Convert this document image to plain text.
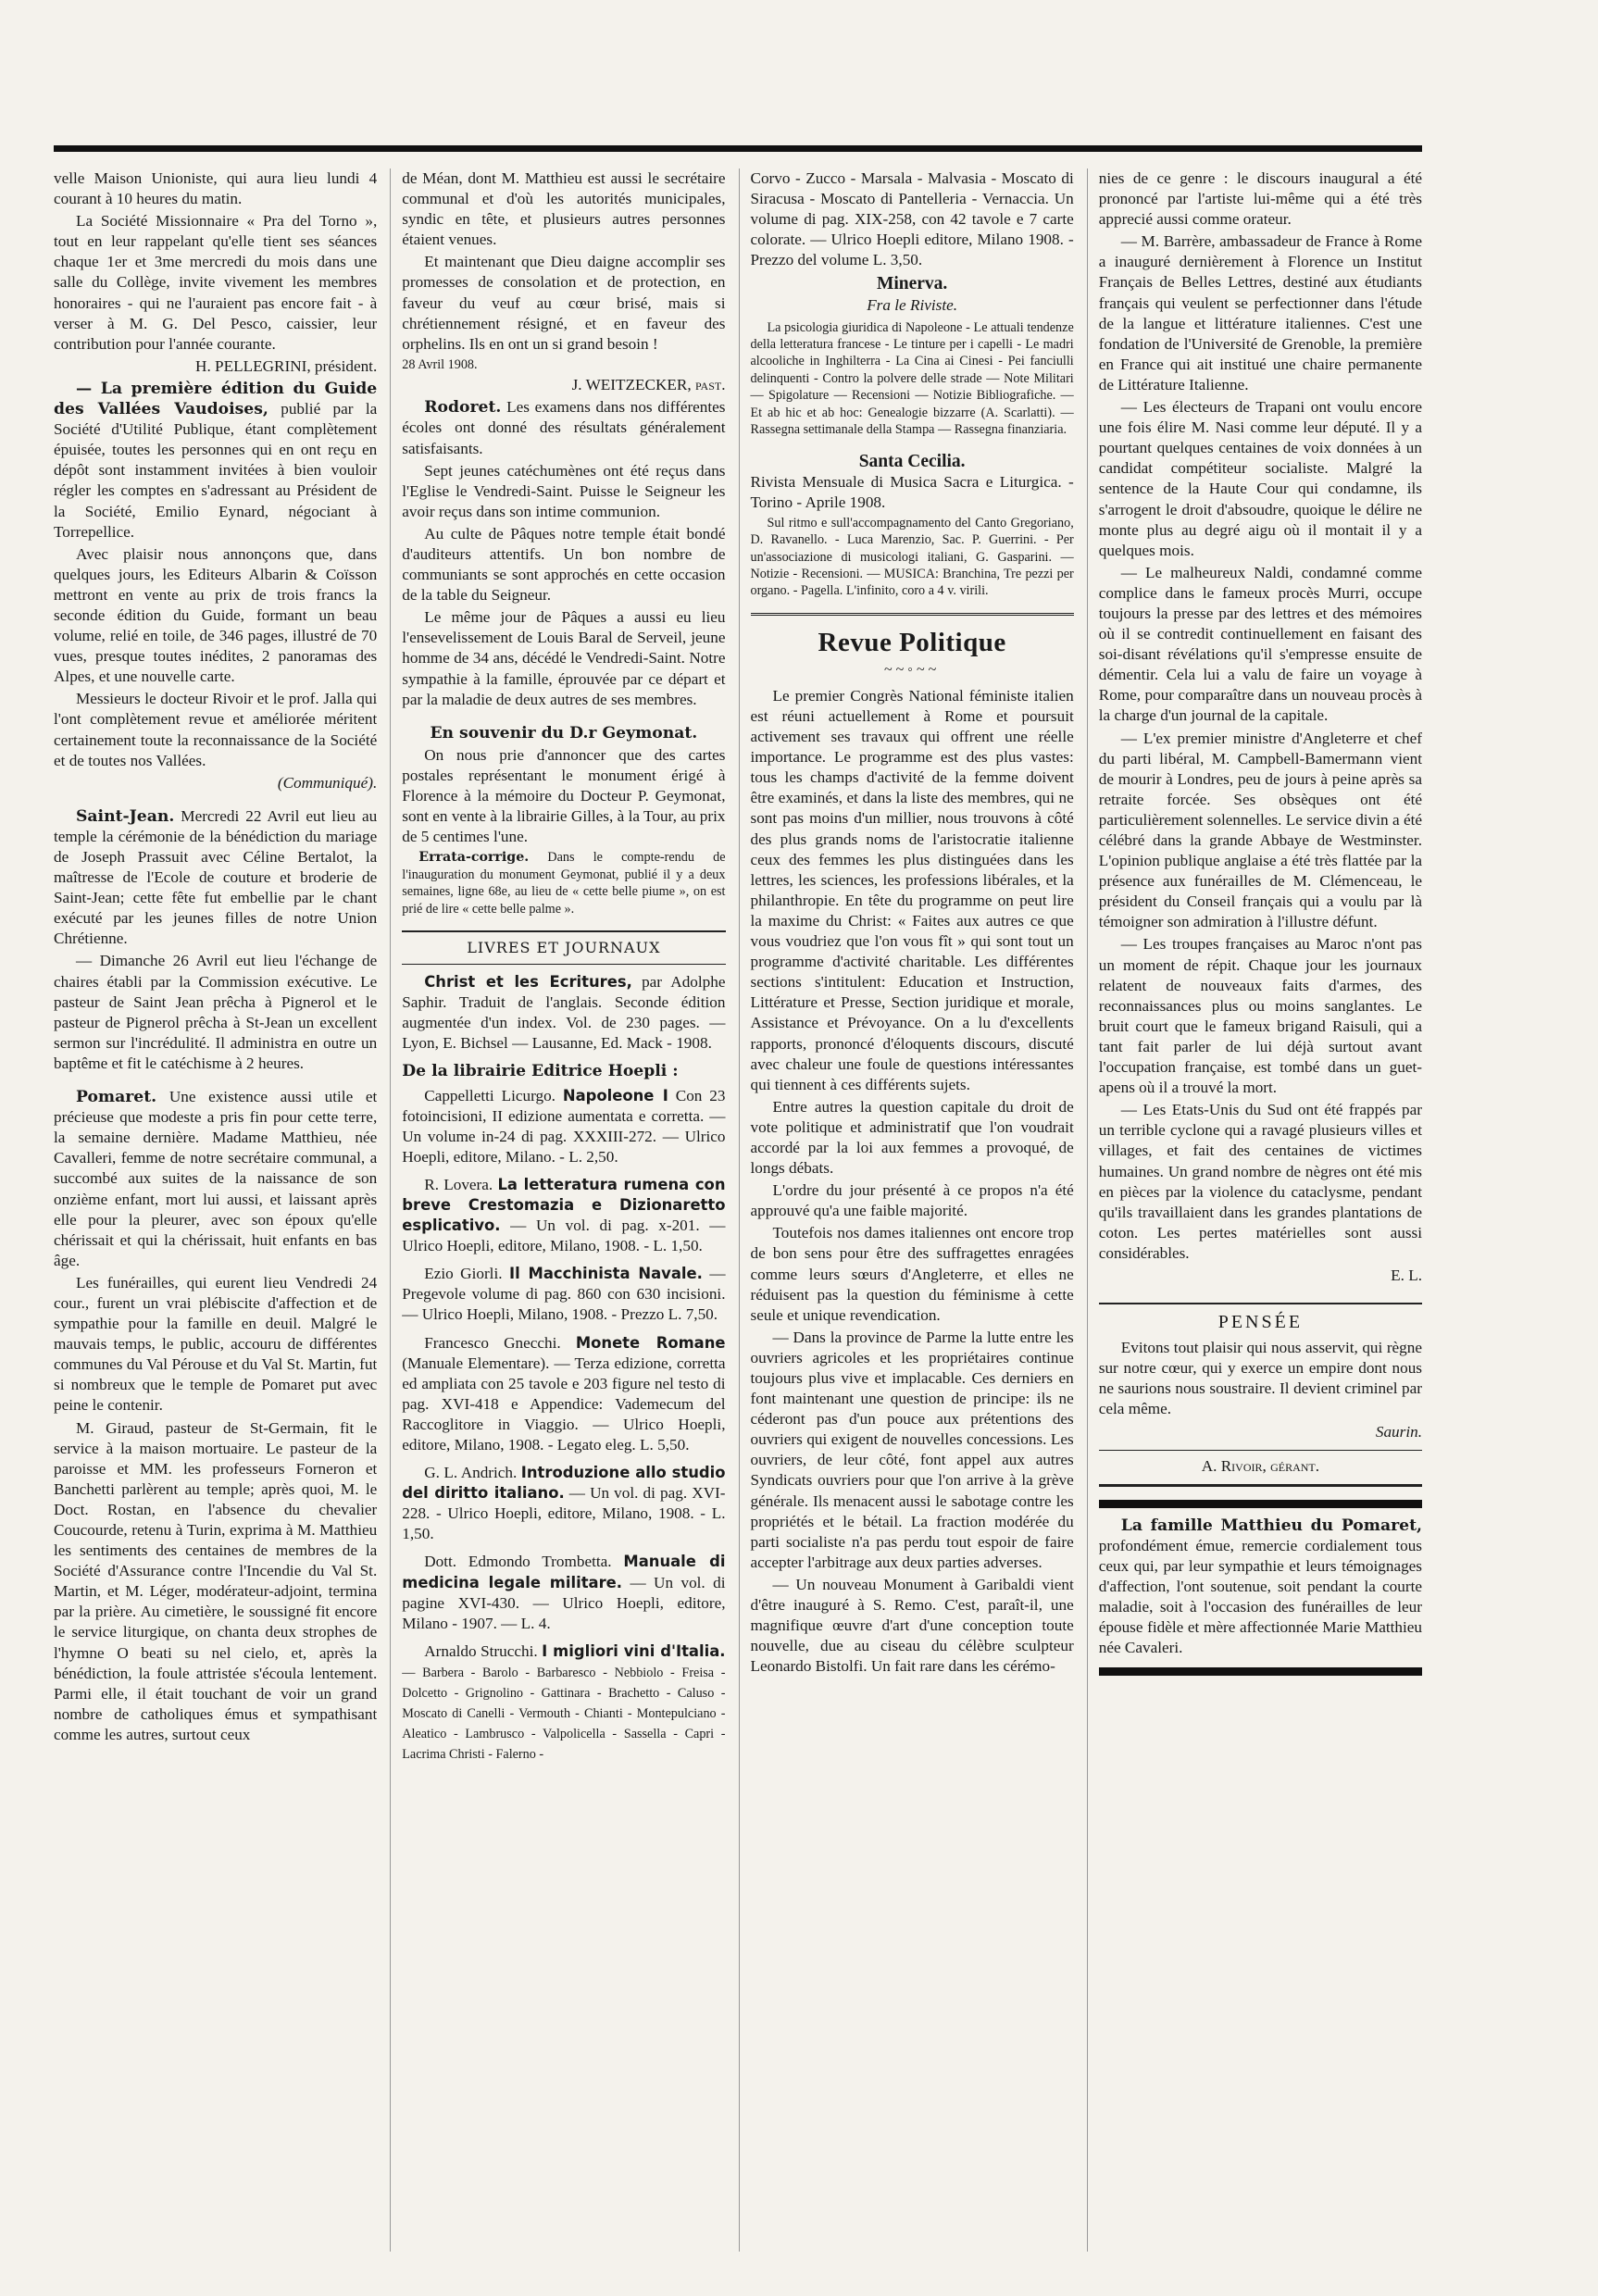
velle Maison Unioniste, qui aura lieu lundi 4 courant à 10 heures du matin.

La Société Missionnaire « Pra del Torno », tout en leur rappelant qu'elle tient ses séances chaque 1er et 3me mercredi du mois dans une salle du Collège, invite vivement les membres honoraires - qui ne l'auraient pas encore fait - à verser à M. G. Del Pesco, caissier, leur contribution pour l'année courante.

H. PELLEGRINI, président.

— La première édition du Guide des Vallées Vaudoises, publié par la Société d'Utilité Publique, étant complètement épuisée, toutes les personnes qui en ont reçu en dépôt sont instamment invitées à bien vouloir régler les comptes en s'adressant au Président de la Société, Emilio Eynard, négociant à Torrepellice.

Avec plaisir nous annonçons que, dans quelques jours, les Editeurs Albarin & Coïsson mettront en vente au prix de trois francs la seconde édition du Guide, formant un beau volume, relié en toile, de 346 pages, illustré de 70 vues, presque toutes inédites, 2 panoramas des Alpes, et une nouvelle carte.

Messieurs le docteur Rivoir et le prof. Jalla qui l'ont complètement revue et améliorée méritent certainement toute la reconnaissance de la Société et de toutes nos Vallées.

(Communiqué).

Saint-Jean. Mercredi 22 Avril eut lieu au temple la cérémonie de la bénédiction du mariage de Joseph Prassuit avec Céline Bertalot, la maîtresse de l'Ecole de couture et broderie de Saint-Jean; cette fête fut embellie par le chant exécuté par les jeunes filles de notre Union Chrétienne.

— Dimanche 26 Avril eut lieu l'échange de chaires établi par la Commission exécutive. Le pasteur de Saint Jean prêcha à Pignerol et le pasteur de Pignerol prêcha à St-Jean un excellent sermon sur l'incrédulité. Il administra en outre un baptême et fit le catéchisme à 2 heures.

Pomaret. Une existence aussi utile et précieuse que modeste a pris fin pour cette terre, la semaine dernière. Madame Matthieu, née Cavalleri, femme de notre secrétaire communal, a succombé aux suites de la naissance de son onzième enfant, mort lui aussi, et laissant après elle pour la pleurer, avec son époux qu'elle chérissait et qui la chérissait, huit enfants en bas âge.

Les funérailles, qui eurent lieu Vendredi 24 cour., furent un vrai plébiscite d'affection et de sympathie pour la famille en deuil. Malgré le mauvais temps, le public, accouru de différentes communes du Val Pérouse et du Val St. Martin, fut si nombreux que le temple de Pomaret put avec peine le contenir.

M. Giraud, pasteur de St-Germain, fit le service à la maison mortuaire. Le pasteur de la paroisse et MM. les professeurs Forneron et Banchetti parlèrent au temple; après quoi, M. le Doct. Rostan, en l'absence du chevalier Coucourde, retenu à Turin, exprima à M. Matthieu les sentiments des centaines de membres de la Société d'Assurance contre l'Incendie du Val St. Martin, et M. Léger, modérateur-adjoint, termina par la prière. Au cimetière, le soussigné fit encore le service liturgique, on chanta deux strophes de l'hymne O beati su nel cielo, et, après la bénédiction, la foule attristée s'écoula lentement. Parmi elle, il était touchant de voir un grand nombre de catholiques émus et sympathisant comme les autres, surtout ceux

de Méan, dont M. Matthieu est aussi le secrétaire communal et d'où les autorités municipales, syndic en tête, et plusieurs autres personnes étaient venues.

Et maintenant que Dieu daigne accomplir ses promesses de consolation et de protection, en faveur du veuf au cœur brisé, mais si chrétiennement résigné, et en faveur des orphelins. Ils en ont un si grand besoin !

28 Avril 1908.

J. WEITZECKER, past.

Rodoret. Les examens dans nos différentes écoles ont donné des résultats généralement satisfaisants.

Sept jeunes catéchumènes ont été reçus dans l'Eglise le Vendredi-Saint. Puisse le Seigneur les avoir reçus dans son intime communion.

Au culte de Pâques notre temple était bondé d'auditeurs attentifs. Un bon nombre de communiants se sont approchés en cette occasion de la table du Seigneur.

Le même jour de Pâques a aussi eu lieu l'ensevelissement de Louis Baral de Serveil, jeune homme de 34 ans, décédé le Vendredi-Saint. Notre sympathie à la famille, éprouvée par ce départ et par la maladie de deux autres de ses membres.

En souvenir du D.r Geymonat.

On nous prie d'annoncer que des cartes postales représentant le monument érigé à Florence à la mémoire du Docteur P. Geymonat, sont en vente à la librairie Gilles, à la Tour, au prix de 5 centimes l'une.

Errata-corrige. Dans le compte-rendu de l'inauguration du monument Geymonat, publié il y a deux semaines, ligne 68e, au lieu de « cette belle piume », on est prié de lire « cette belle palme ».

LIVRES ET JOURNAUX

Christ et les Ecritures, par Adolphe Saphir. Traduit de l'anglais. Seconde édition augmentée d'un index. Vol. de 230 pages. — Lyon, E. Bichsel — Lausanne, Ed. Mack - 1908.

De la librairie Editrice Hoepli :

Cappelletti Licurgo. Napoleone I Con 23 fotoincisioni, II edizione aumentata e corretta. — Un volume in-24 di pag. XXXIII-272. — Ulrico Hoepli, editore, Milano. - L. 2,50.

R. Lovera. La letteratura rumena con breve Crestomazia e Dizionaretto esplicativo. — Un vol. di pag. x-201. — Ulrico Hoepli, editore, Milano, 1908. - L. 1,50.

Ezio Giorli. Il Macchinista Navale. — Pregevole volume di pag. 860 con 630 incisioni. — Ulrico Hoepli, Milano, 1908. - Prezzo L. 7,50.

Francesco Gnecchi. Monete Romane (Manuale Elementare). — Terza edizione, corretta ed ampliata con 25 tavole e 203 figure nel testo di pag. XVI-418 e Appendice: Vademecum del Raccoglitore in Viaggio. — Ulrico Hoepli, editore, Milano, 1908. - Legato eleg. L. 5,50.

G. L. Andrich. Introduzione allo studio del diritto italiano. — Un vol. di pag. XVI-228. - Ulrico Hoepli, editore, Milano, 1908. - L. 1,50.

Dott. Edmondo Trombetta. Manuale di medicina legale militare. — Un vol. di pagine XVI-430. — Ulrico Hoepli, editore, Milano - 1907. — L. 4.

Arnaldo Strucchi. I migliori vini d'Italia. — Barbera - Barolo - Barbaresco - Nebbiolo - Freisa - Dolcetto - Grignolino - Gattinara - Brachetto - Caluso - Moscato di Canelli - Vermouth - Chianti - Montepulciano - Aleatico - Lambrusco - Valpolicella - Sassella - Capri - Lacrima Christi - Falerno -

Corvo - Zucco - Marsala - Malvasia - Moscato di Siracusa - Moscato di Pantelleria - Vernaccia. Un volume di pag. XIX-258, con 42 tavole e 7 carte colorate. — Ulrico Hoepli editore, Milano 1908. - Prezzo del volume L. 3,50.

Minerva.
Fra le Riviste.

La psicologia giuridica di Napoleone - Le attuali tendenze della letteratura francese - Le tinture per i capelli - Le madri alcooliche in Inghilterra - La Cina ai Cinesi - Pei fanciulli delinquenti - Contro la polvere delle strade — Note Militari — Spigolature — Recensioni — Notizie Bibliografiche. — Et ab hic et ab hoc: Genealogie bizzarre (A. Scarlatti). — Rassegna settimanale della Stampa — Rassegna finanziaria.

Santa Cecilia.

Rivista Mensuale di Musica Sacra e Liturgica. - Torino - Aprile 1908.

Sul ritmo e sull'accompagnamento del Canto Gregoriano, D. Ravanello. - Luca Marenzio, Sac. P. Guerrini. - Per un'associazione di musicologi italiani, G. Gasparini. — Notizie - Recensioni. — MUSICA: Branchina, Tre pezzi per organo. - Pagella. L'infinito, coro a 4 v. virili.

Revue Politique
~~◦~~

Le premier Congrès National féministe italien est réuni actuellement à Rome et poursuit activement ses travaux qui offrent une réelle importance. Le programme est des plus vastes: tous les champs d'activité de la femme doivent être examinés, et dans la liste des membres, qui ne sont pas moins d'un millier, nous trouvons à côté des plus grands noms de l'aristocratie italienne ceux des femmes les plus distinguées dans les lettres, les sciences, les professions libérales, et la philanthropie. En tête du programme on peut lire la maxime du Christ: « Faites aux autres ce que vous voudriez que l'on vous fît » qui sont tout un programme d'activité charitable. Les différentes sections s'intitulent: Education et Instruction, Littérature et Presse, Section juridique et morale, Assistance et Prévoyance. On a lu d'excellents rapports, prononcé d'éloquents discours, discuté avec chaleur une foule de questions intéressantes qui tiennent à ces différents sujets.

Entre autres la question capitale du droit de vote politique et administratif que l'on voudrait accordé par la loi aux femmes a provoqué, de longs débats.

L'ordre du jour présenté à ce propos n'a été approuvé qu'a une faible majorité.

Toutefois nos dames italiennes ont encore trop de bon sens pour être des suffragettes enragées comme leurs sœurs d'Angleterre, et elles ne réduisent pas la question du féminisme à cette seule et unique revendication.

— Dans la province de Parme la lutte entre les ouvriers agricoles et les propriétaires continue toujours plus vive et implacable. Ces derniers en font maintenant une question de principe: ils ne céderont pas d'un pouce aux prétentions des ouvriers qui exigent de nouvelles concessions. Les ouvriers, de leur côté, font appel aux autres Syndicats ouvriers pour que l'on arrive à la grève générale. Ils menacent aussi le sabotage contre les propriétés et le bétail. La fraction modérée du parti socialiste n'a pas perdu tout espoir de faire accepter l'arbitrage aux deux parties adverses.

— Un nouveau Monument à Garibaldi vient d'être inauguré à S. Remo. C'est, paraît-il, une magnifique œuvre d'art d'une conception toute nouvelle, due au ciseau du célèbre sculpteur Leonardo Bistolfi. Un fait rare dans les cérémo-

nies de ce genre : le discours inaugural a été prononcé par l'artiste lui-même qui a été très apprecié aussi comme orateur.

— M. Barrère, ambassadeur de France à Rome a inauguré dernièrement à Florence un Institut Français de Belles Lettres, destiné aux étudiants français qui veulent se perfectionner dans l'étude de la langue et littérature italiennes. C'est une fondation de l'Université de Grenoble, la première en France qui ait institué une chaire permanente de Littérature Italienne.

— Les électeurs de Trapani ont voulu encore une fois élire M. Nasi comme leur député. Il y a pourtant quelques centaines de voix données à un candidat compétiteur socialiste. Malgré la sentence de la Haute Cour qui condamne, ils s'arrogent le droit d'absoudre, quoique le délire ne monte plus au degré aigu où il montait il y a quelques mois.

— Le malheureux Naldi, condamné comme complice dans le fameux procès Murri, occupe toujours la presse par des lettres et des mémoires où il se contredit continuellement en faisant des soi-disant révélations qu'il s'empresse ensuite de démentir. Cela lui a valu de faire un voyage à Rome, pour comparaître dans un nouveau procès à la charge d'un journal de la capitale.

— L'ex premier ministre d'Angleterre et chef du parti libéral, M. Campbell-Bamermann vient de mourir à Londres, peu de jours à peine après sa retraite forcée. Ses obsèques ont été particulièrement solennelles. Le service divin a été célébré dans la grande Abbaye de Westminster. L'opinion publique anglaise a été très flattée par la présence aux funérailles de M. Clémenceau, le président du Conseil français qui a voulu par là témoigner son admiration à l'illustre défunt.

— Les troupes françaises au Maroc n'ont pas un moment de répit. Chaque jour les journaux relatent de nouveaux faits d'armes, des reconnaissances plus ou moins sanglantes. Le bruit court que le fameux brigand Raisuli, qui a tant fait parler de lui déjà surtout avant l'occupation française, est tombé dans un guet-apens où il a trouvé la mort.

— Les Etats-Unis du Sud ont été frappés par un terrible cyclone qui a ravagé plusieurs villes et villages, et fait des centaines de victimes humaines. Un grand nombre de nègres ont été mis en pièces par la violence du cataclysme, pendant qu'ils travaillaient dans les grandes plantations de coton. Les pertes matérielles sont aussi considérables.

E. L.
PENSÉE

Evitons tout plaisir qui nous asservit, qui règne sur notre cœur, qui y exerce un empire dont nous ne saurions nous soustraire. Il devient criminel par cela même.

Saurin.

A. Rivoir, gérant.

La famille Matthieu du Pomaret, profondément émue, remercie cordialement tous ceux qui, par leur sympathie et leurs témoignages d'affection, l'ont soutenue, soit pendant la courte maladie, soit à l'occasion des funérailles de leur épouse fidèle et mère affectionnée Marie Matthieu née Cavaleri.
